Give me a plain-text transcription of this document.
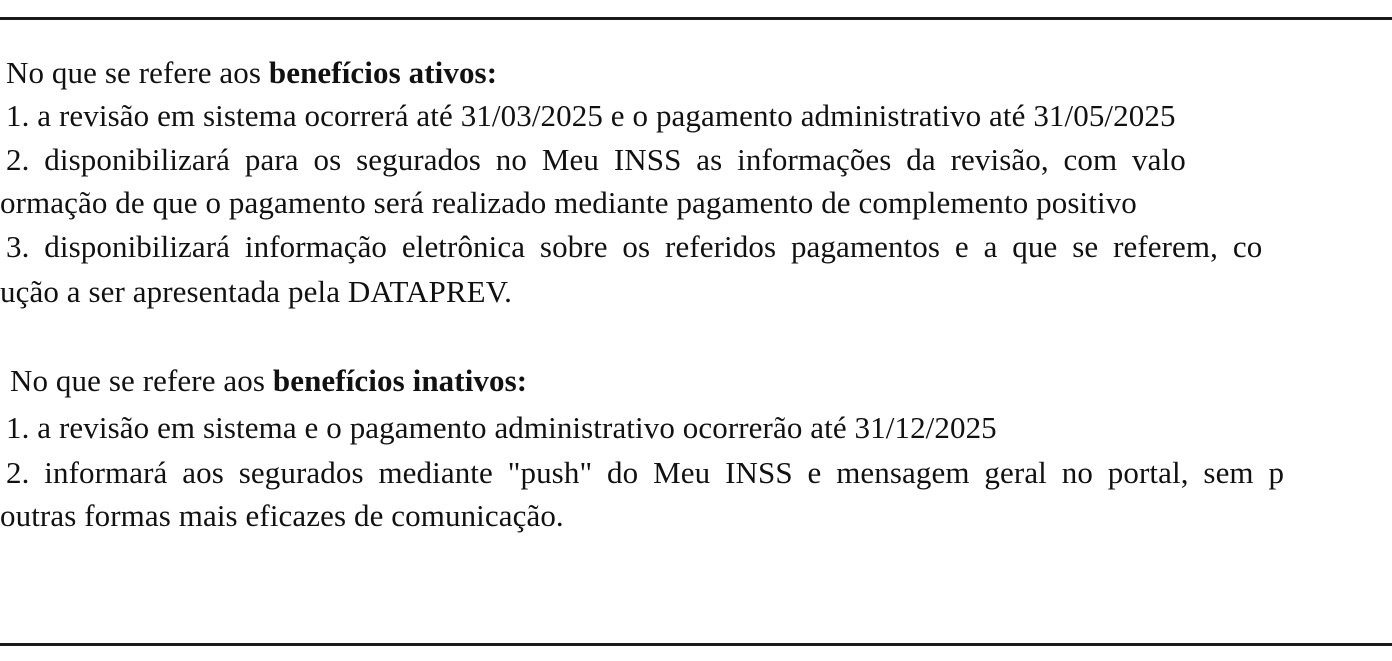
No que se refere aos benefícios ativos:
1. a revisão em sistema ocorrerá até 31/03/2025 e o pagamento administrativo até 31/05/2025
2. disponibilizará para os segurados no Meu INSS as informações da revisão, com valo
ormação de que o pagamento será realizado mediante pagamento de complemento positivo
3. disponibilizará informação eletrônica sobre os referidos pagamentos e a que se referem, co
ução a ser apresentada pela DATAPREV.
No que se refere aos benefícios inativos:
1. a revisão em sistema e o pagamento administrativo ocorrerão até 31/12/2025
2. informará aos segurados mediante "push" do Meu INSS e mensagem geral no portal, sem p
outras formas mais eficazes de comunicação.
